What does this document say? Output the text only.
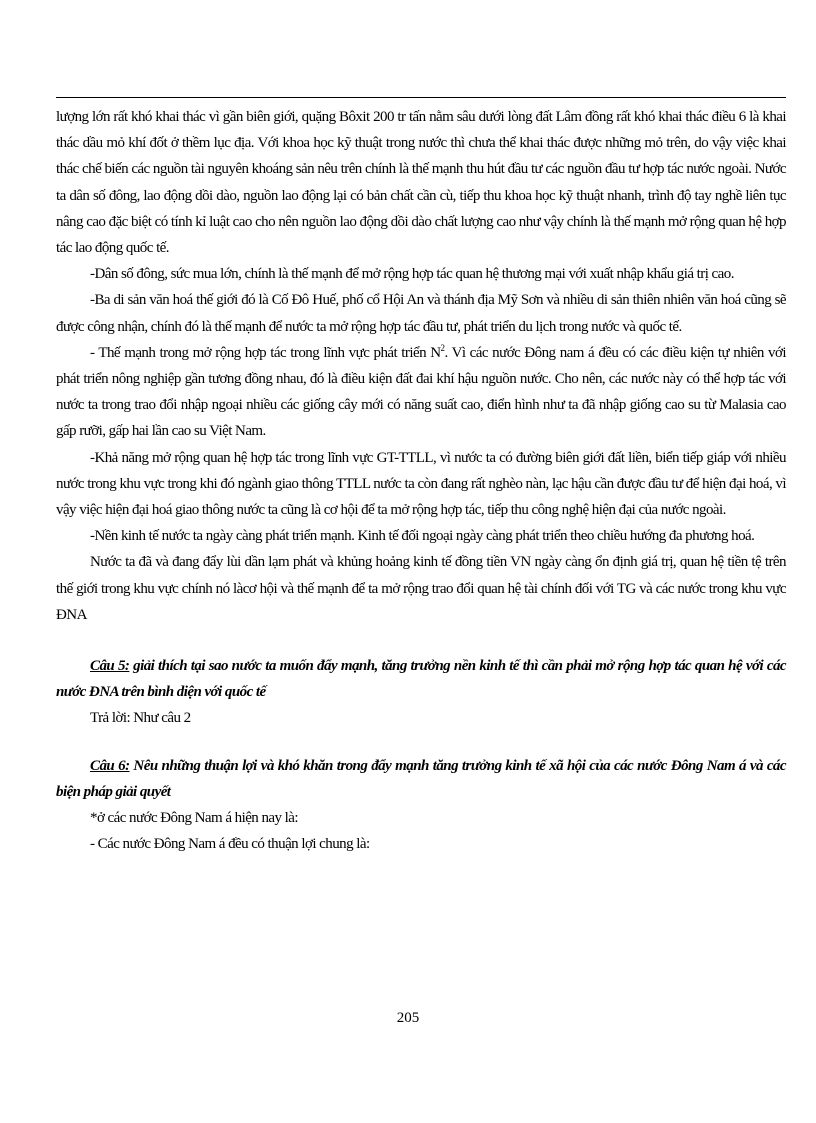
lượng lớn rất khó khai thác vì gần biên giới, quặng Bôxit 200 tr tấn nằm sâu dưới lòng đất Lâm đồng rất khó khai thác điều 6 là khai thác dầu mỏ khí đốt ở thềm lục địa. Với khoa học kỹ thuật trong nước thì chưa thể khai thác được những mỏ trên, do vậy việc khai thác chế biến các nguồn tài nguyên khoáng sản nêu trên chính là thế mạnh thu hút đầu tư các nguồn đầu tư hợp tác nước ngoài. Nước ta dân số đông, lao động dồi dào, nguồn lao động lại có bản chất cần cù, tiếp thu khoa học kỹ thuật nhanh, trình độ tay nghề liên tục nâng cao đặc biệt có tính kỉ luật cao cho nên nguồn lao động dồi dào chất lượng cao như vậy chính là thế mạnh mở rộng quan hệ hợp tác lao động quốc tế.

-Dân số đông, sức mua lớn, chính là thế mạnh để mở rộng hợp tác quan hệ thương mại với xuất nhập khẩu giá trị cao.

-Ba di sản văn hoá thế giới đó là Cố Đô Huế, phố cổ Hội An và thánh địa Mỹ Sơn và nhiều di sản thiên nhiên văn hoá cũng sẽ được công nhận, chính đó là thế mạnh để nước ta mở rộng hợp tác đầu tư, phát triển du lịch trong nước và quốc tế.

- Thế mạnh trong mở rộng hợp tác trong lĩnh vực phát triển $N^2$. Vì các nước Đông nam á đều có các điều kiện tự nhiên với phát triển nông nghiệp gần tương đồng nhau, đó là điều kiện đất đai khí hậu nguồn nước. Cho nên, các nước này có thể hợp tác với nước ta trong trao đổi nhập ngoại nhiều các giống cây mới có năng suất cao, điển hình như ta đã nhập giống cao su từ Malasia cao gấp rưỡi, gấp hai lần cao su Việt Nam.

-Khả năng mở rộng quan hệ hợp tác trong lĩnh vực GT-TTLL, vì nước ta có đường biên giới đất liền, biển tiếp giáp với nhiều nước trong khu vực trong khi đó ngành giao thông TTLL nước ta còn đang rất nghèo nàn, lạc hậu cần được đầu tư để hiện đại hoá, vì vậy việc hiện đại hoá giao thông nước ta cũng là cơ hội để ta mở rộng hợp tác, tiếp thu công nghệ hiện đại của nước ngoài.

-Nền kinh tế nước ta ngày càng phát triển mạnh. Kinh tế đối ngoại ngày càng phát triển theo chiều hướng đa phương hoá.

Nước ta đã và đang đẩy lùi dần lạm phát và khủng hoảng kinh tế đồng tiền VN ngày càng ổn định giá trị, quan hệ tiền tệ trên thế giới trong khu vực chính nó làcơ hội và thế mạnh để ta mở rộng trao đổi quan hệ tài chính đối với TG và các nước trong khu vực ĐNA

Câu 5: giải thích tại sao nước ta muốn đẩy mạnh, tăng trưởng nền kinh tế thì cần phải mở rộng hợp tác quan hệ với các nước ĐNA trên bình diện với quốc tế

Trả lời: Như câu 2

Câu 6: Nêu những thuận lợi và khó khăn trong đẩy mạnh tăng trưởng kinh tế xã hội của các nước Đông Nam á và các biện pháp giải quyết

*ở các nước Đông Nam á hiện nay là:

- Các nước Đông Nam á đều có thuận lợi chung là:

205
